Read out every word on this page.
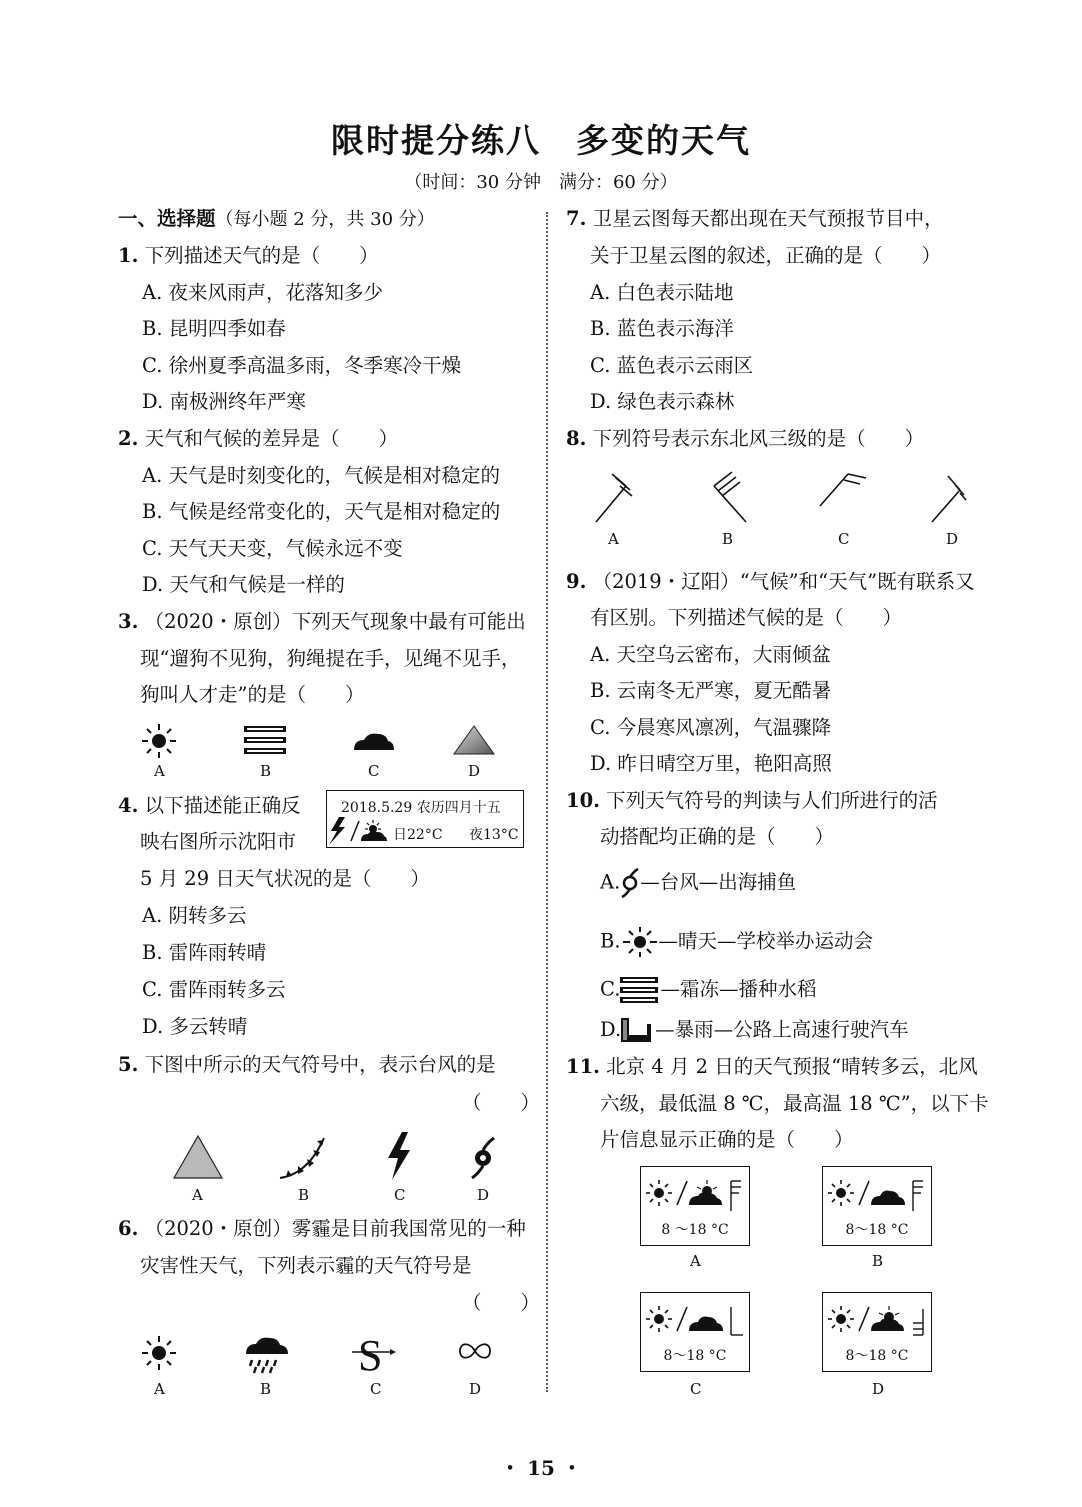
限时提分练八　多变的天气
（时间：30 分钟　满分：60 分）
一、选择题（每小题 2 分，共 30 分）
1. 下列描述天气的是（　　）
A. 夜来风雨声，花落知多少
B. 昆明四季如春
C. 徐州夏季高温多雨，冬季寒冷干燥
D. 南极洲终年严寒
2. 天气和气候的差异是（　　）
A. 天气是时刻变化的，气候是相对稳定的
B. 气候是经常变化的，天气是相对稳定的
C. 天气天天变，气候永远不变
D. 天气和气候是一样的
3. （2020・原创）下列天气现象中最有可能出
现“遛狗不见狗，狗绳提在手，见绳不见手，
狗叫人才走”的是（　　）
A	B	C	D
4. 以下描述能正确反
映右图所示沈阳市
5 月 29 日天气状况的是（　　）
2018.5.29 农历四月十五
日22°C 夜13°C
A. 阴转多云
B. 雷阵雨转晴
C. 雷阵雨转多云
D. 多云转晴
5. 下图中所示的天气符号中，表示台风的是
（　　）
A	B	C	D
6. （2020・原创）雾霾是目前我国常见的一种
灾害性天气，下列表示霾的天气符号是
（　　）
A	B
S
C	D
7. 卫星云图每天都出现在天气预报节目中，
关于卫星云图的叙述，正确的是（　　）
A. 白色表示陆地
B. 蓝色表示海洋
C. 蓝色表示云雨区
D. 绿色表示森林
8. 下列符号表示东北风三级的是（　　）
A	B	C	D
9. （2019・辽阳）“气候”和“天气”既有联系又
有区别。下列描述气候的是（　　）
A. 天空乌云密布，大雨倾盆
B. 云南冬无严寒，夏无酷暑
C. 今晨寒风凛冽，气温骤降
D. 昨日晴空万里，艳阳高照
10. 下列天气符号的判读与人们所进行的活
动搭配均正确的是（　　）
A. —台风—出海捕鱼
B. —晴天—学校举办运动会
C. —霜冻—播种水稻
D. —暴雨—公路上高速行驶汽车
11. 北京 4 月 2 日的天气预报“晴转多云，北风
六级，最低温 8 ℃，最高温 18 ℃”，以下卡
片信息显示正确的是（　　）
8 ～18 °C
A
8～18 °C
B
8～18 °C
C
8～18 °C
D
・ 15 ・
